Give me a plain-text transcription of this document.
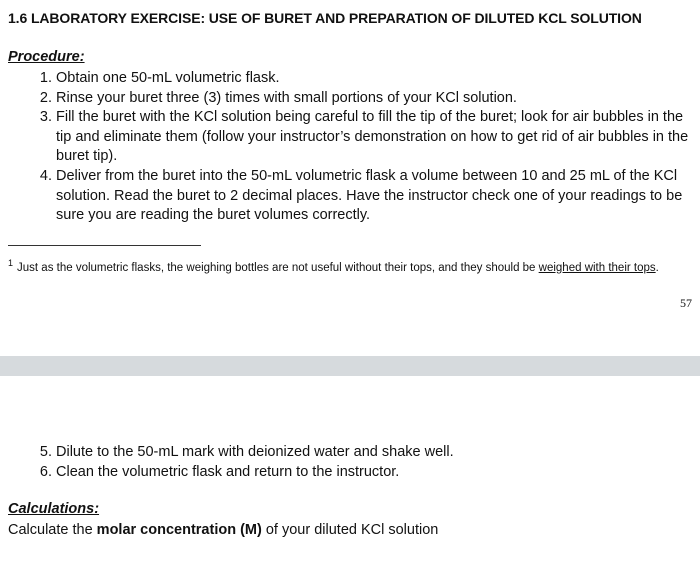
1.6 LABORATORY EXERCISE: USE OF BURET AND PREPARATION OF DILUTED KCL SOLUTION
Procedure:
1. Obtain one 50-mL volumetric flask.
2. Rinse your buret three (3) times with small portions of your KCl solution.
3. Fill the buret with the KCl solution being careful to fill the tip of the buret; look for air bubbles in the tip and eliminate them (follow your instructor’s demonstration on how to get rid of air bubbles in the buret tip).
4. Deliver from the buret into the 50-mL volumetric flask a volume between 10 and 25 mL of the KCl solution. Read the buret to 2 decimal places. Have the instructor check one of your readings to be sure you are reading the buret volumes correctly.
$^1$ Just as the volumetric flasks, the weighing bottles are not useful without their tops, and they should be weighed with their tops.
57
5. Dilute to the 50-mL mark with deionized water and shake well.
6. Clean the volumetric flask and return to the instructor.
Calculations:
Calculate the molar concentration (M) of your diluted KCl solution
